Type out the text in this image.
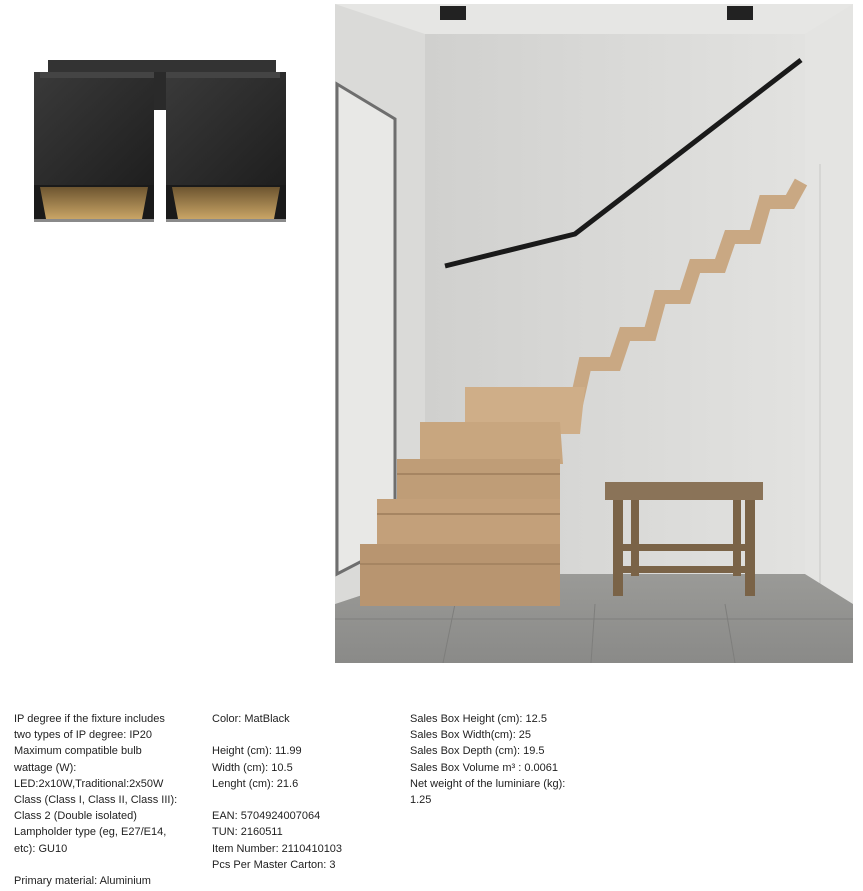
IP degree if the fixture includes
two types of IP degree: IP20
Maximum compatible bulb
wattage (W):
LED:2x10W,Traditional:2x50W
Class (Class I, Class II, Class III):
Class 2 (Double isolated)
Lampholder type (eg, E27/E14,
etc): GU10
Primary material: Aluminium
Color: MatBlack
Height (cm): 11.99
Width (cm): 10.5
Lenght (cm): 21.6
EAN: 5704924007064
TUN: 2160511
Item Number: 2110410103
Pcs Per Master Carton: 3
Sales Box Height (cm): 12.5
Sales Box Width(cm): 25
Sales Box Depth (cm): 19.5
Sales Box Volume m³ : 0.0061
Net weight of the luminiare (kg):
1.25
